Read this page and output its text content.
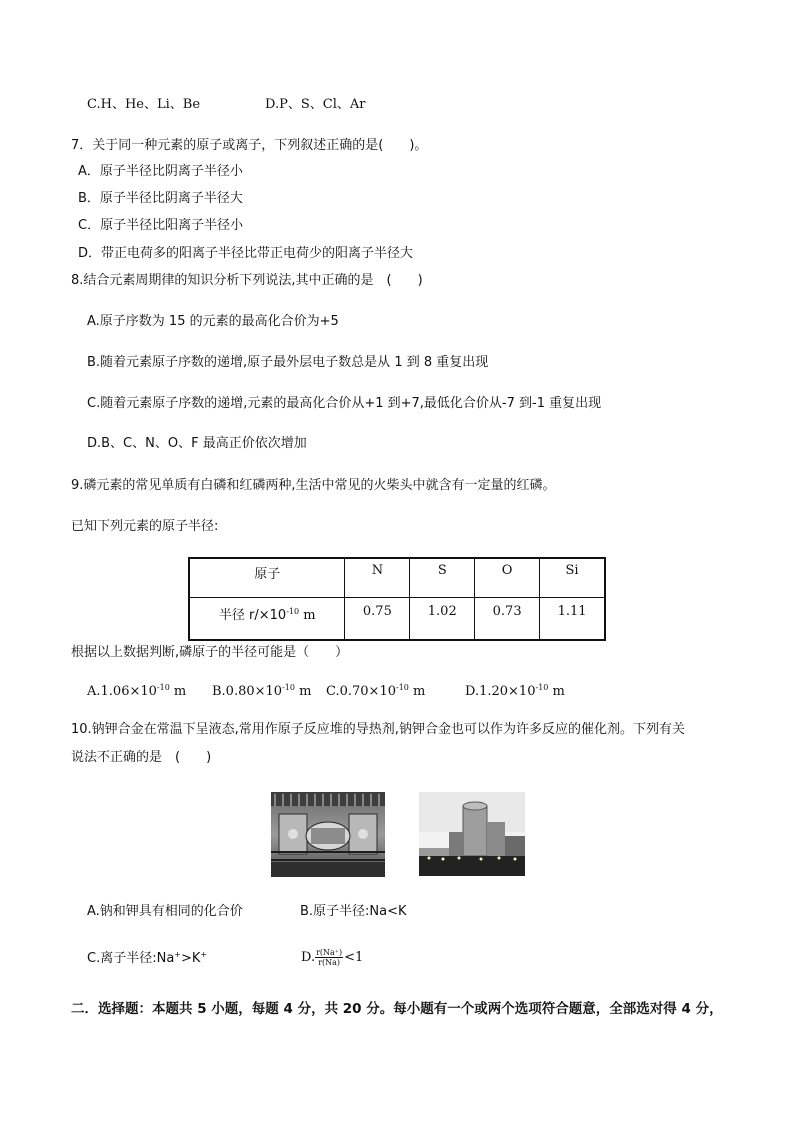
C.H、He、Li、Be	D.P、S、Cl、Ar
7．关于同一种元素的原子或离子，下列叙述正确的是(　　)。
A．原子半径比阴离子半径小
B．原子半径比阴离子半径大
C．原子半径比阳离子半径小
D．带正电荷多的阳离子半径比带正电荷少的阳离子半径大
8.结合元素周期律的知识分析下列说法,其中正确的是　(　　)
A.原子序数为 15 的元素的最高化合价为+5
B.随着元素原子序数的递增,原子最外层电子数总是从 1 到 8 重复出现
C.随着元素原子序数的递增,元素的最高化合价从+1 到+7,最低化合价从-7 到-1 重复出现
D.B、C、N、O、F 最高正价依次增加
9.磷元素的常见单质有白磷和红磷两种,生活中常见的火柴头中就含有一定量的红磷。
已知下列元素的原子半径:
原子	N	S	O	Si
半径 $r/\times 10^{-10}$ m	0.75	1.02	0.73	1.11
根据以上数据判断,磷原子的半径可能是（　　）
$A.1.06\times 10^{-10}$ m $B.0.80\times 10^{-10}$ m $C.0.70\times 10^{-10}$ m	$D.1.20\times 10^{-10}$ m
10.钠钾合金在常温下呈液态,常用作原子反应堆的导热剂,钠钾合金也可以作为许多反应的催化剂。下列有关
说法不正确的是　(　　)
A.钠和钾具有相同的化合价	B.原子半径:Na<K
C.离子半径:Na+>K+	D. $\frac{r(Na^+)}{r(Na)} <1$
二．选择题：本题共 5 小题，每题 4 分，共 20 分。每小题有一个或两个选项符合题意，全部选对得 4 分，
